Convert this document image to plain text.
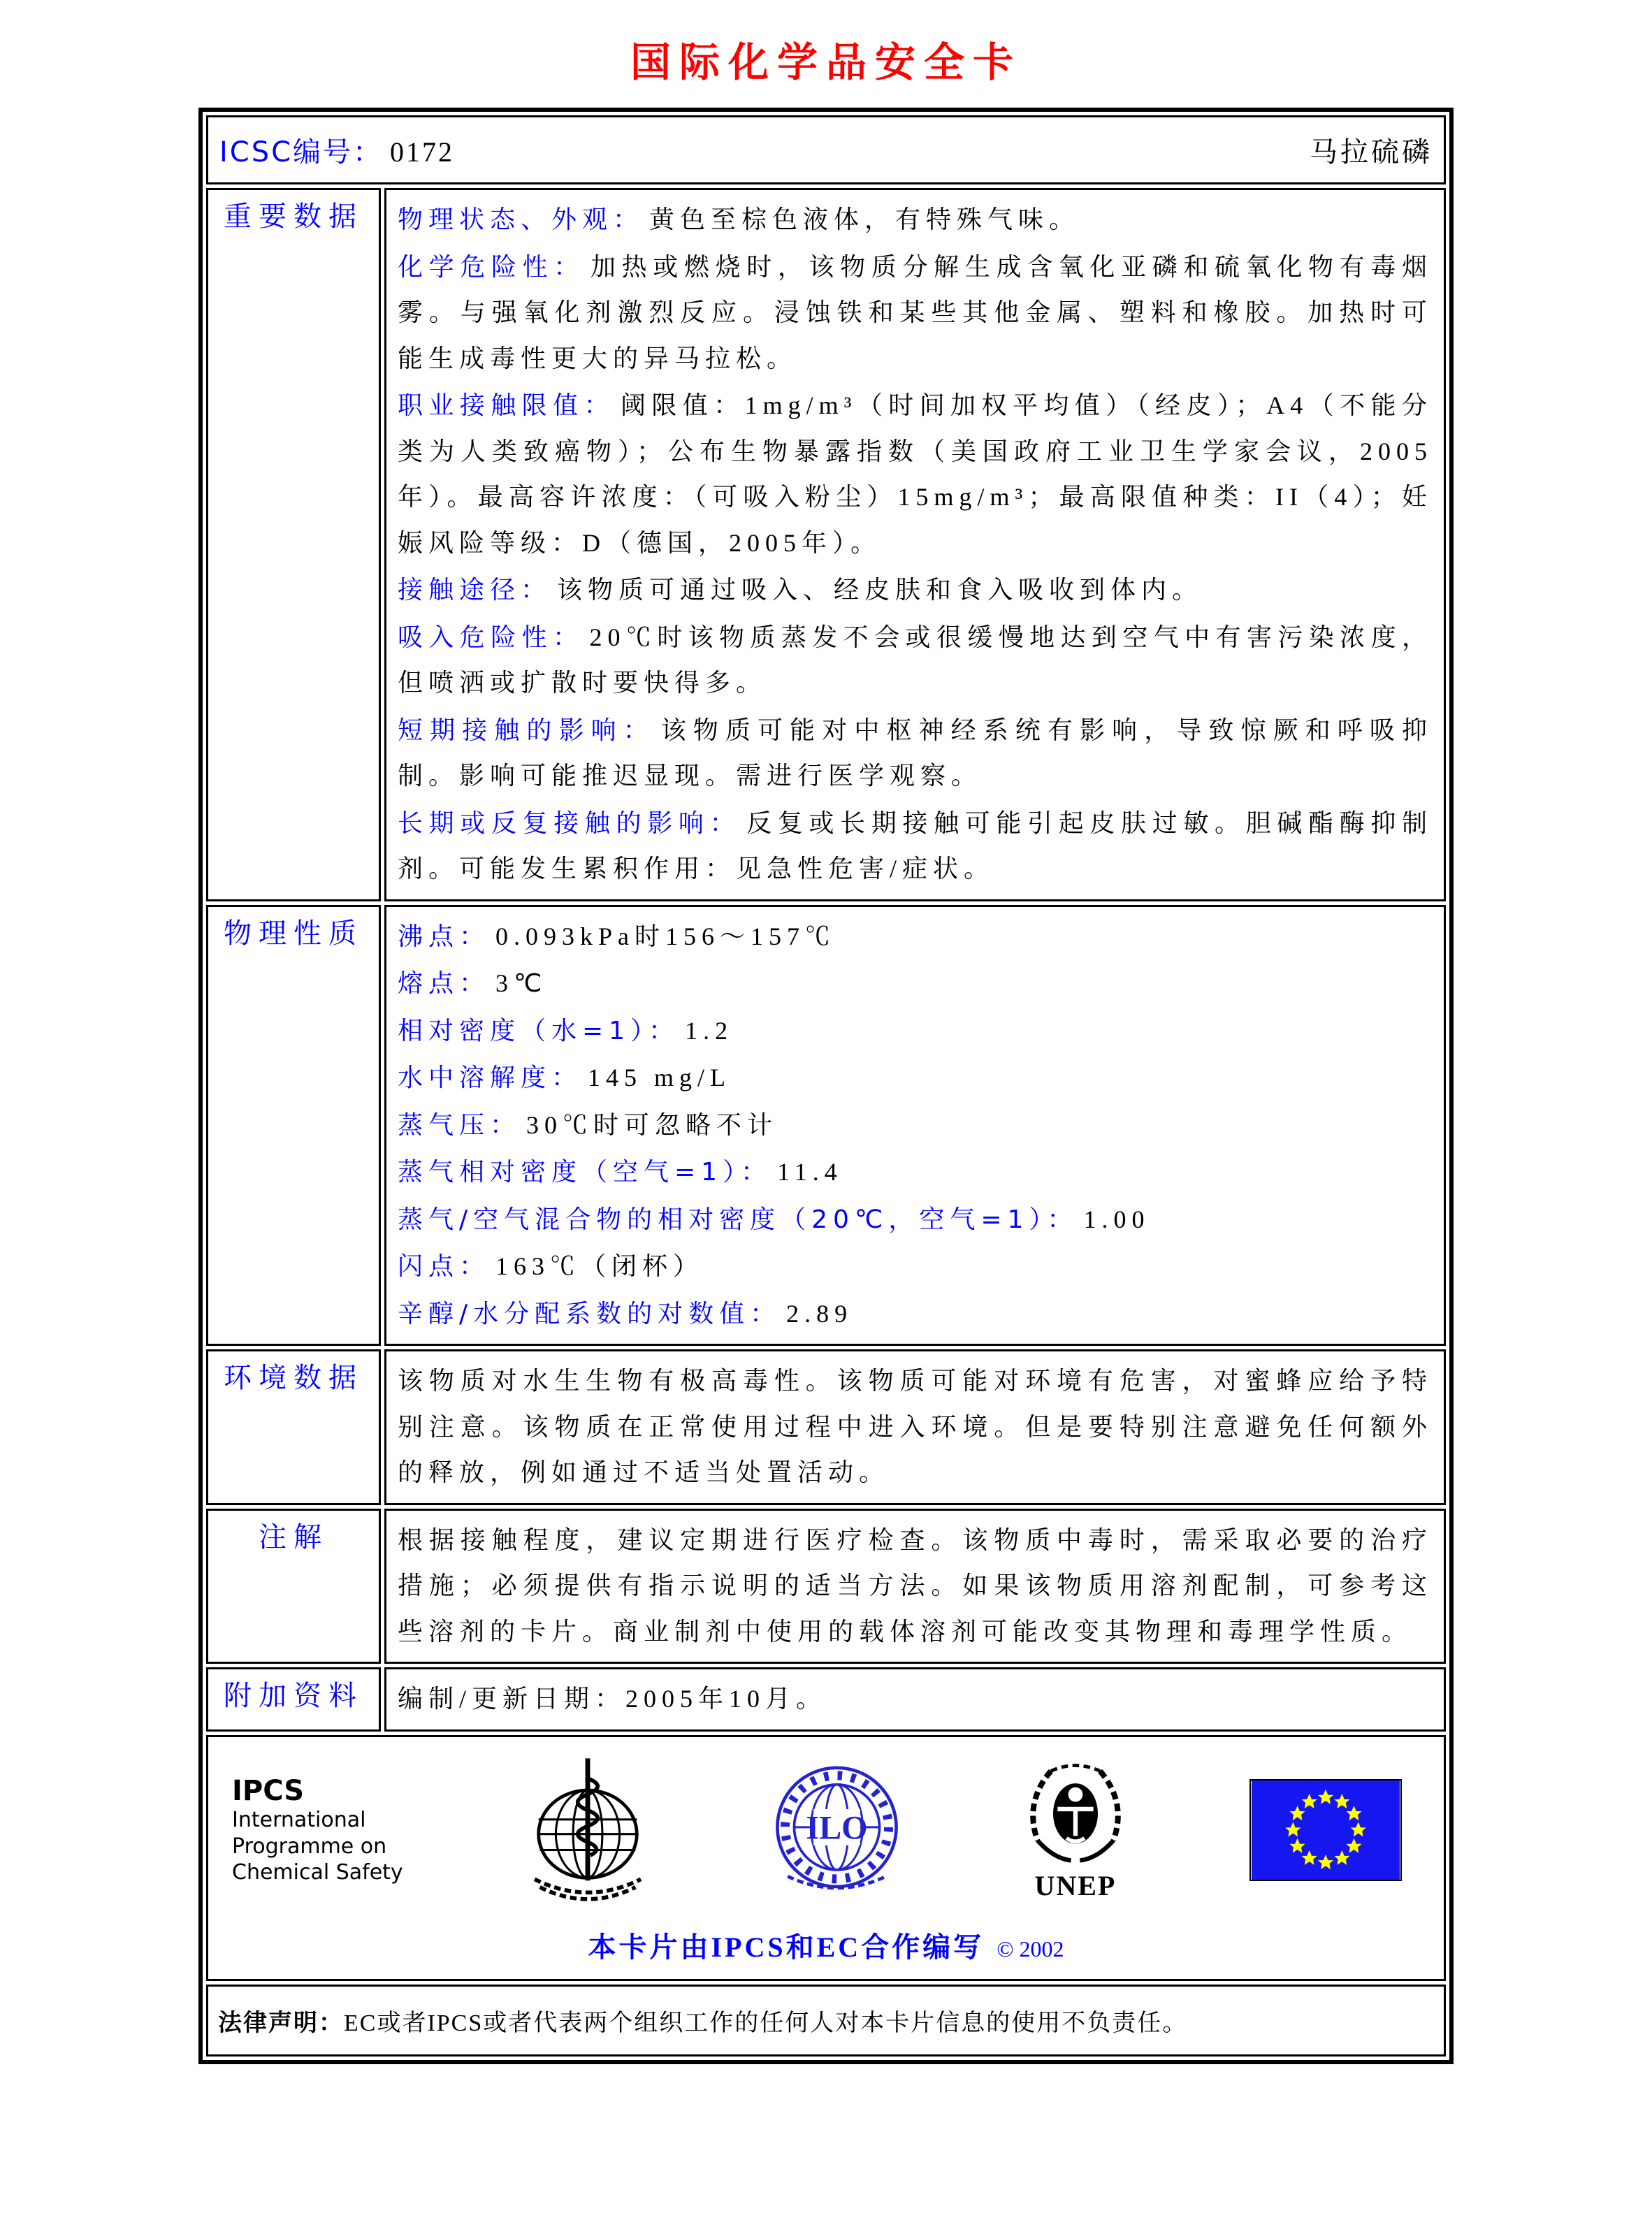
国际化学品安全卡
ICSC编号： 0172 马拉硫磷	

重要数据	物理状态、外观： 黄色至棕色液体，有特殊气味。

化学危险性： 加热或燃烧时，该物质分解生成含氧化亚磷和硫氧化物有毒烟雾。与强氧化剂激烈反应。浸蚀铁和某些其他金属、塑料和橡胶。加热时可能生成毒性更大的异马拉松。

职业接触限值： 阈限值：1mg/m³（时间加权平均值）（经皮）；A4（不能分类为人类致癌物）；公布生物暴露指数（美国政府工业卫生学家会议，2005年）。最高容许浓度：（可吸入粉尘）15mg/m³；最高限值种类：II（4）；妊娠风险等级：D（德国，2005年）。

接触途径： 该物质可通过吸入、经皮肤和食入吸收到体内。

吸入危险性： 20℃时该物质蒸发不会或很缓慢地达到空气中有害污染浓度，但喷洒或扩散时要快得多。

短期接触的影响： 该物质可能对中枢神经系统有影响，导致惊厥和呼吸抑制。影响可能推迟显现。需进行医学观察。

长期或反复接触的影响： 反复或长期接触可能引起皮肤过敏。胆碱酯酶抑制剂。可能发生累积作用：见急性危害/症状。

物理性质	沸点： 0.093kPa时156～157℃

熔点： 3℃

相对密度（水=1）： 1.2

水中溶解度： 145 mg/L

蒸气压： 30℃时可忽略不计

蒸气相对密度（空气=1）： 11.4

蒸气/空气混合物的相对密度（20℃，空气=1）： 1.00

闪点： 163℃（闭杯）

辛醇/水分配系数的对数值： 2.89

环境数据	该物质对水生生物有极高毒性。该物质可能对环境有危害，对蜜蜂应给予特别注意。该物质在正常使用过程中进入环境。但是要特别注意避免任何额外的释放，例如通过不适当处置活动。

注解	根据接触程度，建议定期进行医疗检查。该物质中毒时，需采取必要的治疗措施；必须提供有指示说明的适当方法。如果该物质用溶剂配制，可参考这些溶剂的卡片。商业制剂中使用的载体溶剂可能改变其物理和毒理学性质。

附加资料	编制/更新日期：2005年10月。

IPCS
International
Programme on
Chemical Safety
ILO
UNEP
本卡片由IPCS和EC合作编写 © 2002

法律声明：EC或者IPCS或者代表两个组织工作的任何人对本卡片信息的使用不负责任。	
